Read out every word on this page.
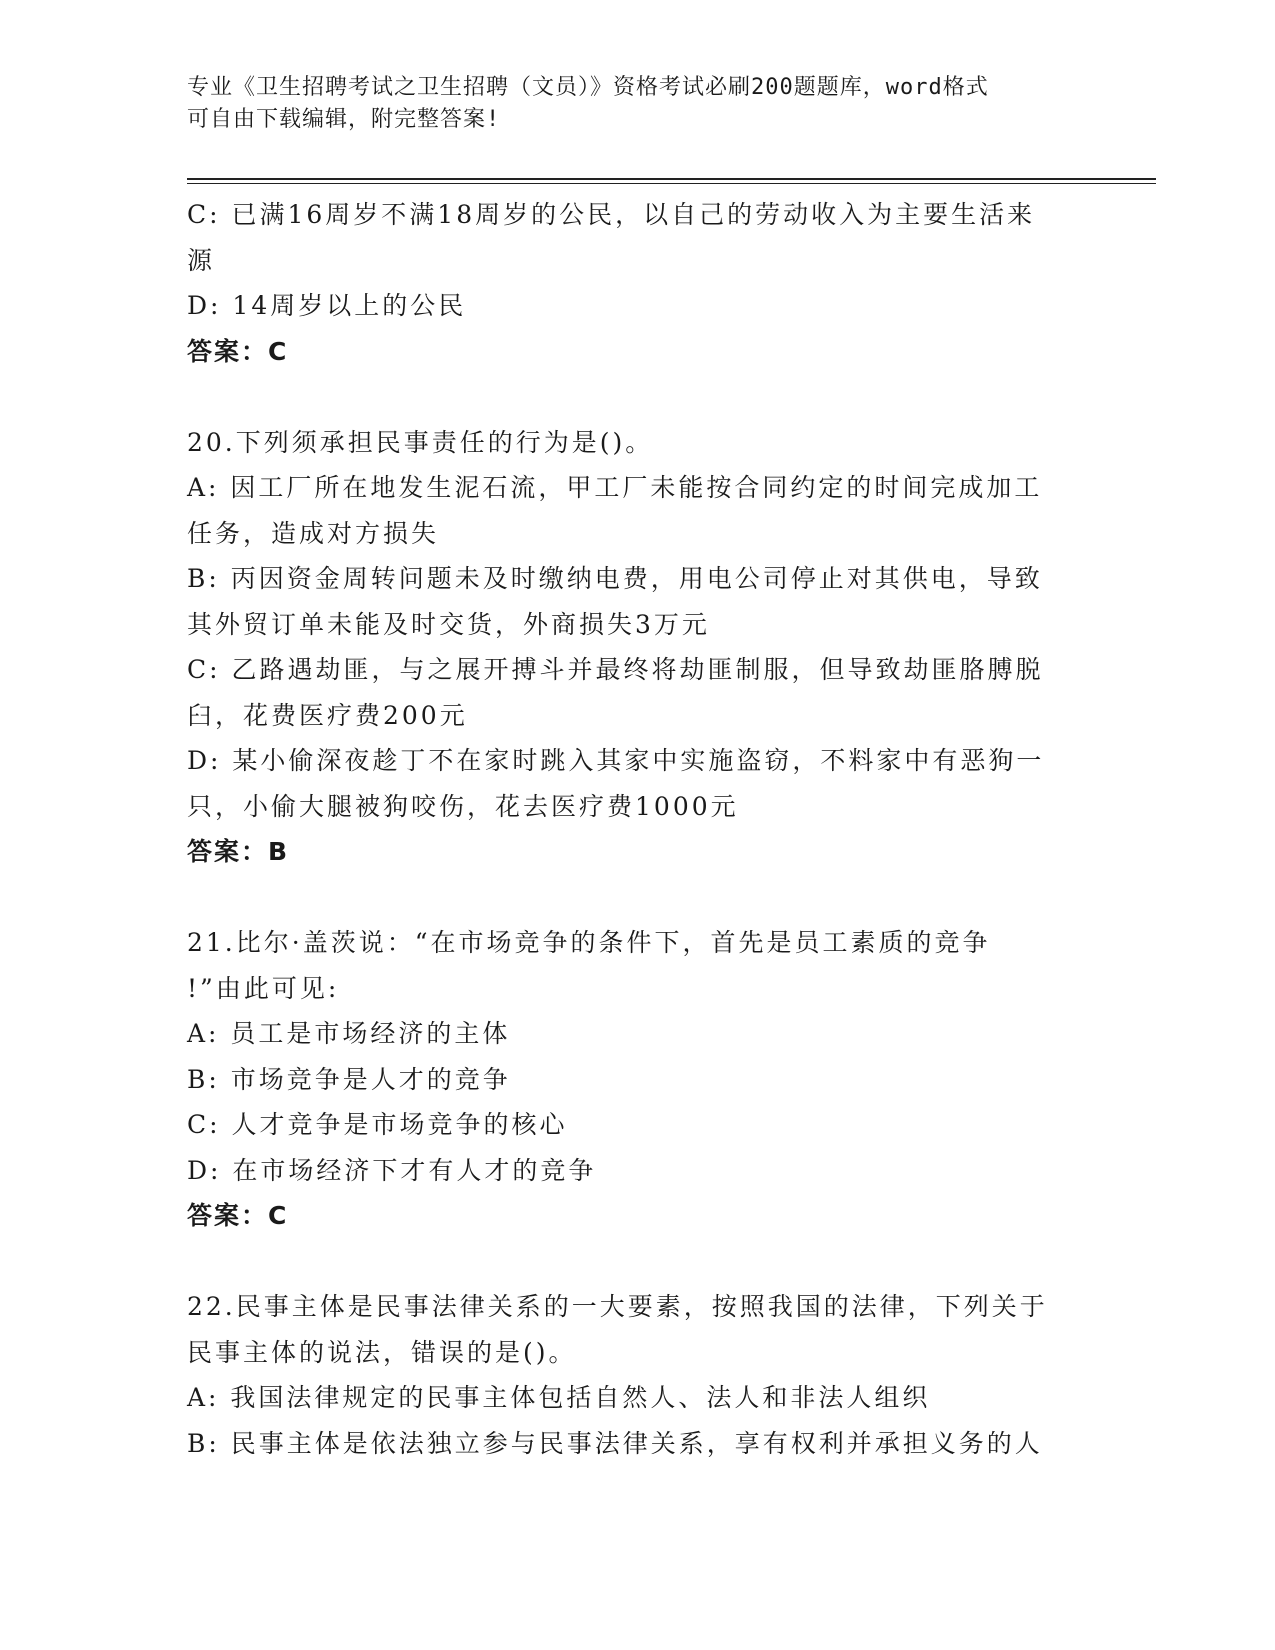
专业《卫生招聘考试之卫生招聘（文员）》资格考试必刷200题题库，word格式
可自由下载编辑，附完整答案!
C: 已满16周岁不满18周岁的公民，以自己的劳动收入为主要生活来
源
D: 14周岁以上的公民
答案：C
20.下列须承担民事责任的行为是()。
A: 因工厂所在地发生泥石流，甲工厂未能按合同约定的时间完成加工
任务，造成对方损失
B: 丙因资金周转问题未及时缴纳电费，用电公司停止对其供电，导致
其外贸订单未能及时交货，外商损失3万元
C: 乙路遇劫匪，与之展开搏斗并最终将劫匪制服，但导致劫匪胳膊脱
臼，花费医疗费200元
D: 某小偷深夜趁丁不在家时跳入其家中实施盗窃，不料家中有恶狗一
只，小偷大腿被狗咬伤，花去医疗费1000元
答案：B
21.比尔·盖茨说：“在市场竞争的条件下，首先是员工素质的竞争
!”由此可见:
A: 员工是市场经济的主体
B: 市场竞争是人才的竞争
C: 人才竞争是市场竞争的核心
D: 在市场经济下才有人才的竞争
答案：C
22.民事主体是民事法律关系的一大要素，按照我国的法律，下列关于
民事主体的说法，错误的是()。
A: 我国法律规定的民事主体包括自然人、法人和非法人组织
B: 民事主体是依法独立参与民事法律关系，享有权利并承担义务的人
